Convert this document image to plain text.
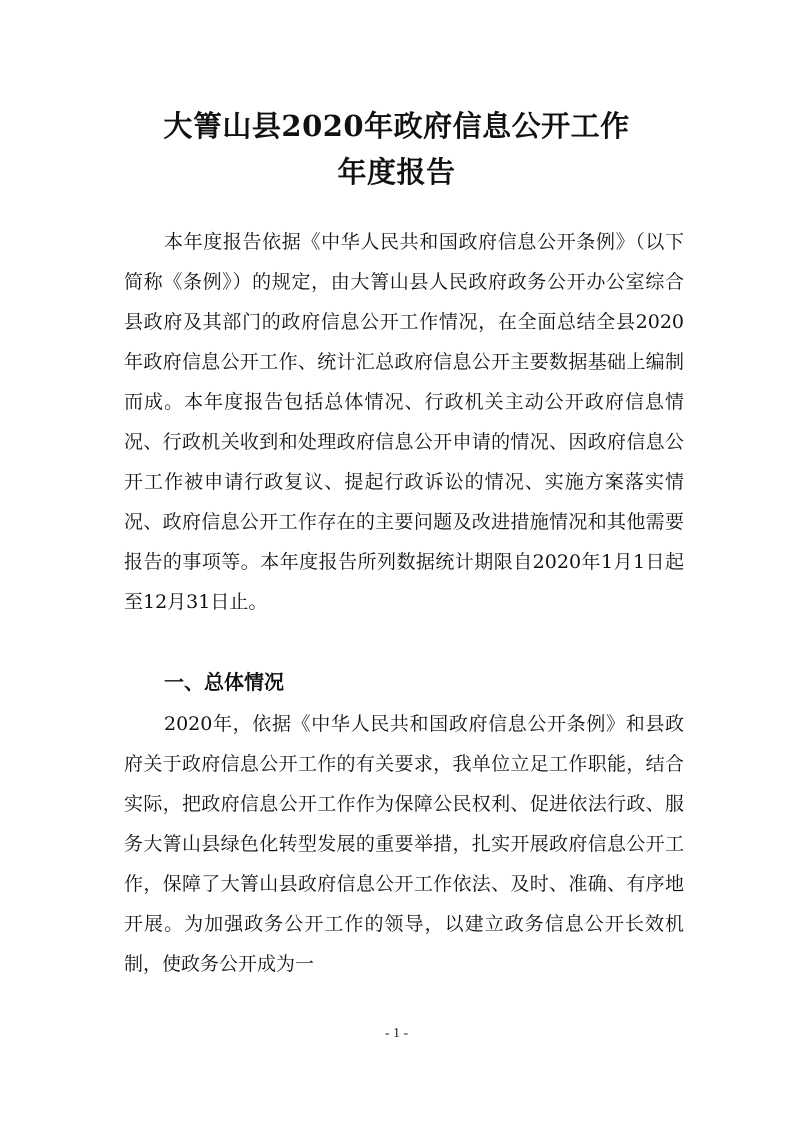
大箐山县2020年政府信息公开工作
年度报告
本年度报告依据《中华人民共和国政府信息公开条例》（以下简称《条例》）的规定，由大箐山县人民政府政务公开办公室综合县政府及其部门的政府信息公开工作情况，在全面总结全县2020年政府信息公开工作、统计汇总政府信息公开主要数据基础上编制而成。本年度报告包括总体情况、行政机关主动公开政府信息情况、行政机关收到和处理政府信息公开申请的情况、因政府信息公开工作被申请行政复议、提起行政诉讼的情况、实施方案落实情况、政府信息公开工作存在的主要问题及改进措施情况和其他需要报告的事项等。本年度报告所列数据统计期限自2020年1月1日起至12月31日止。
一、总体情况
2020年，依据《中华人民共和国政府信息公开条例》和县政府关于政府信息公开工作的有关要求，我单位立足工作职能，结合实际，把政府信息公开工作作为保障公民权利、促进依法行政、服务大箐山县绿色化转型发展的重要举措，扎实开展政府信息公开工作，保障了大箐山县政府信息公开工作依法、及时、准确、有序地开展。为加强政务公开工作的领导，以建立政务信息公开长效机制，使政务公开成为一
- 1 -
